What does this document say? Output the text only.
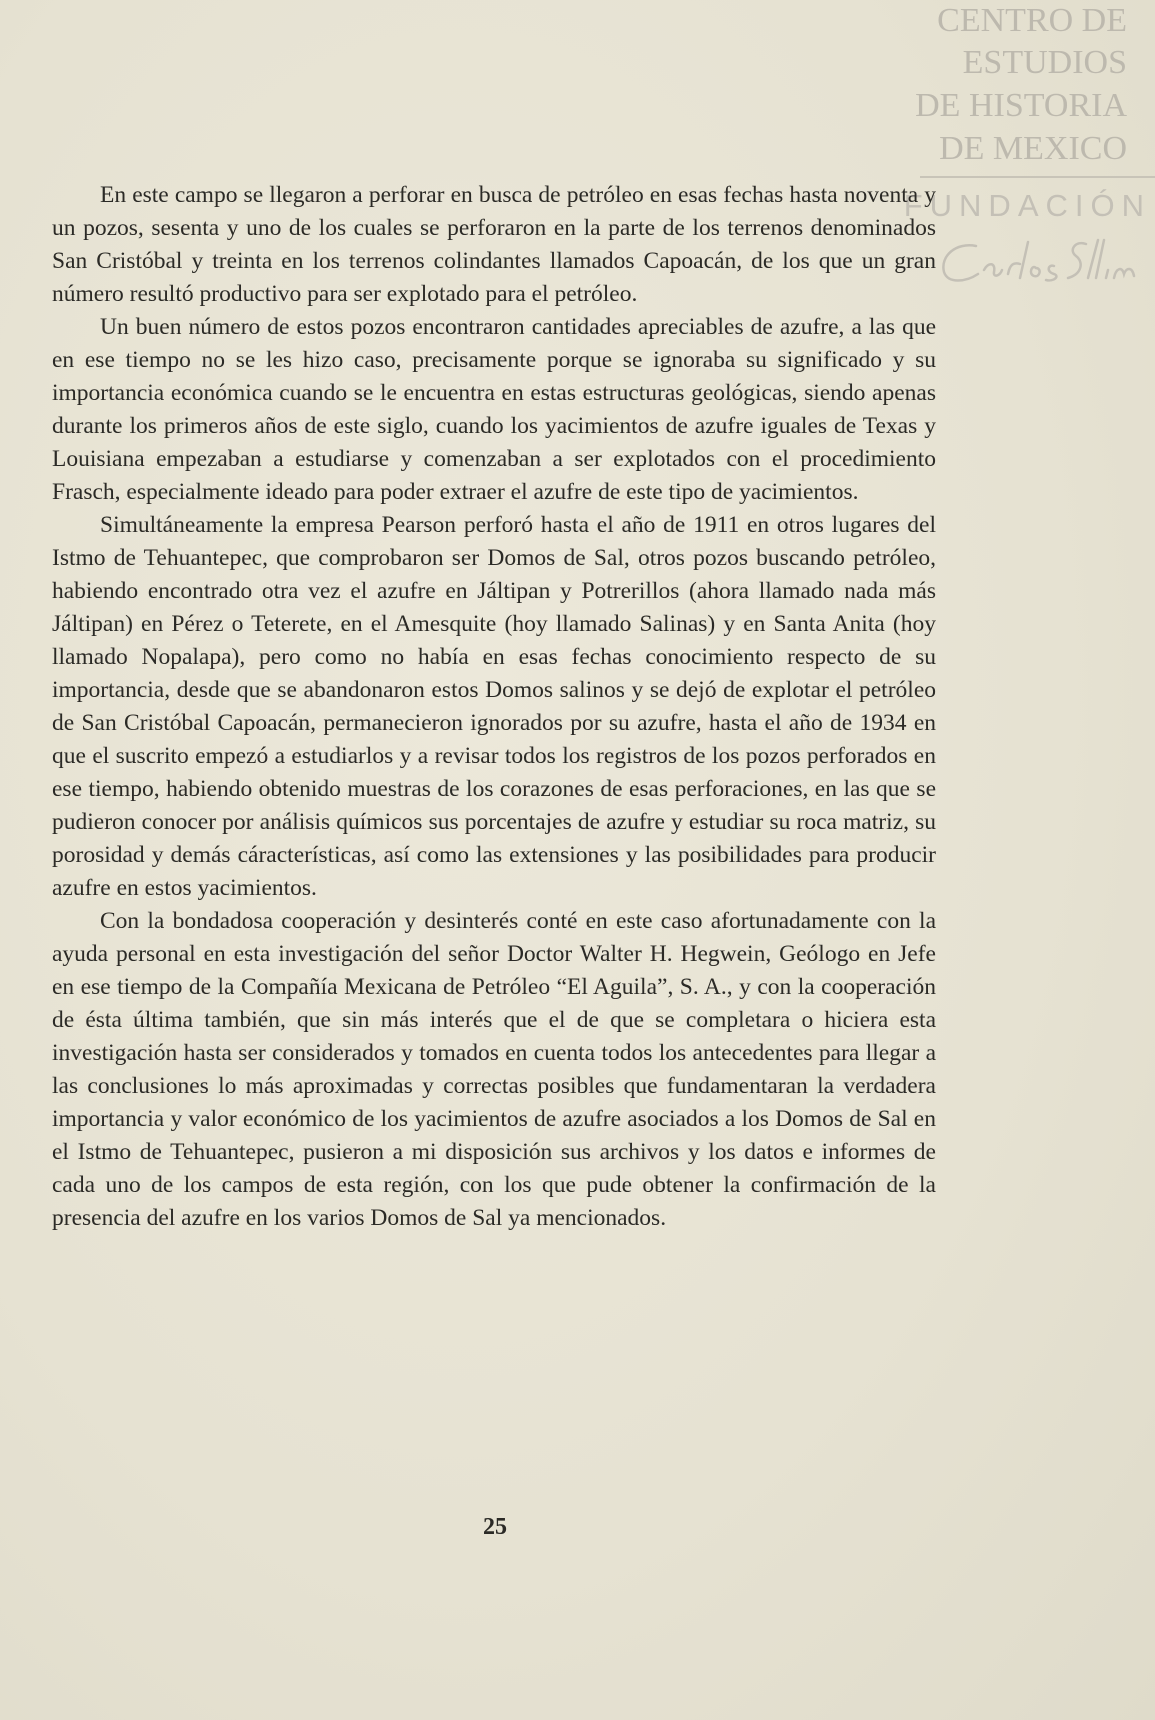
CENTRO DE
ESTUDIOS
DE HISTORIA
DE MEXICO
FUNDACIÓN

En este campo se llegaron a perforar en busca de petróleo en esas fechas hasta noventa y un pozos, sesenta y uno de los cuales se perforaron en la parte de los terrenos denominados San Cristóbal y treinta en los terrenos colindantes llamados Capoacán, de los que un gran número resultó productivo para ser explotado para el petróleo.

Un buen número de estos pozos encontraron cantidades apreciables de azufre, a las que en ese tiempo no se les hizo caso, precisamente porque se ignoraba su significado y su importancia económica cuando se le encuentra en estas estructuras geológicas, siendo apenas durante los primeros años de este siglo, cuando los yacimientos de azufre iguales de Texas y Louisiana empezaban a estudiarse y comenzaban a ser explotados con el procedimiento Frasch, especialmente ideado para poder extraer el azufre de este tipo de yacimientos.

Simultáneamente la empresa Pearson perforó hasta el año de 1911 en otros lugares del Istmo de Tehuantepec, que comprobaron ser Domos de Sal, otros pozos buscando petróleo, habiendo encontrado otra vez el azufre en Jáltipan y Potrerillos (ahora llamado nada más Jáltipan) en Pérez o Teterete, en el Amesquite (hoy llamado Salinas) y en Santa Anita (hoy llamado Nopalapa), pero como no había en esas fechas conocimiento respecto de su importancia, desde que se abandonaron estos Domos salinos y se dejó de explotar el petróleo de San Cristóbal Capoacán, permanecieron ignorados por su azufre, hasta el año de 1934 en que el suscrito empezó a estudiarlos y a revisar todos los registros de los pozos perforados en ese tiempo, habiendo obtenido muestras de los corazones de esas perforaciones, en las que se pudieron conocer por análisis químicos sus porcentajes de azufre y estudiar su roca matriz, su porosidad y demás cáracterísticas, así como las extensiones y las posibilidades para producir azufre en estos yacimientos.

Con la bondadosa cooperación y desinterés conté en este caso afortunadamente con la ayuda personal en esta investigación del señor Doctor Walter H. Hegwein, Geólogo en Jefe en ese tiempo de la Compañía Mexicana de Petróleo “El Aguila”, S. A., y con la cooperación de ésta última también, que sin más interés que el de que se completara o hiciera esta investigación hasta ser considerados y tomados en cuenta todos los antecedentes para llegar a las conclusiones lo más aproximadas y correctas posibles que fundamentaran la verdadera importancia y valor económico de los yacimientos de azufre asociados a los Domos de Sal en el Istmo de Tehuantepec, pusieron a mi disposición sus archivos y los datos e informes de cada uno de los campos de esta región, con los que pude obtener la confirmación de la presencia del azufre en los varios Domos de Sal ya mencionados.

25
